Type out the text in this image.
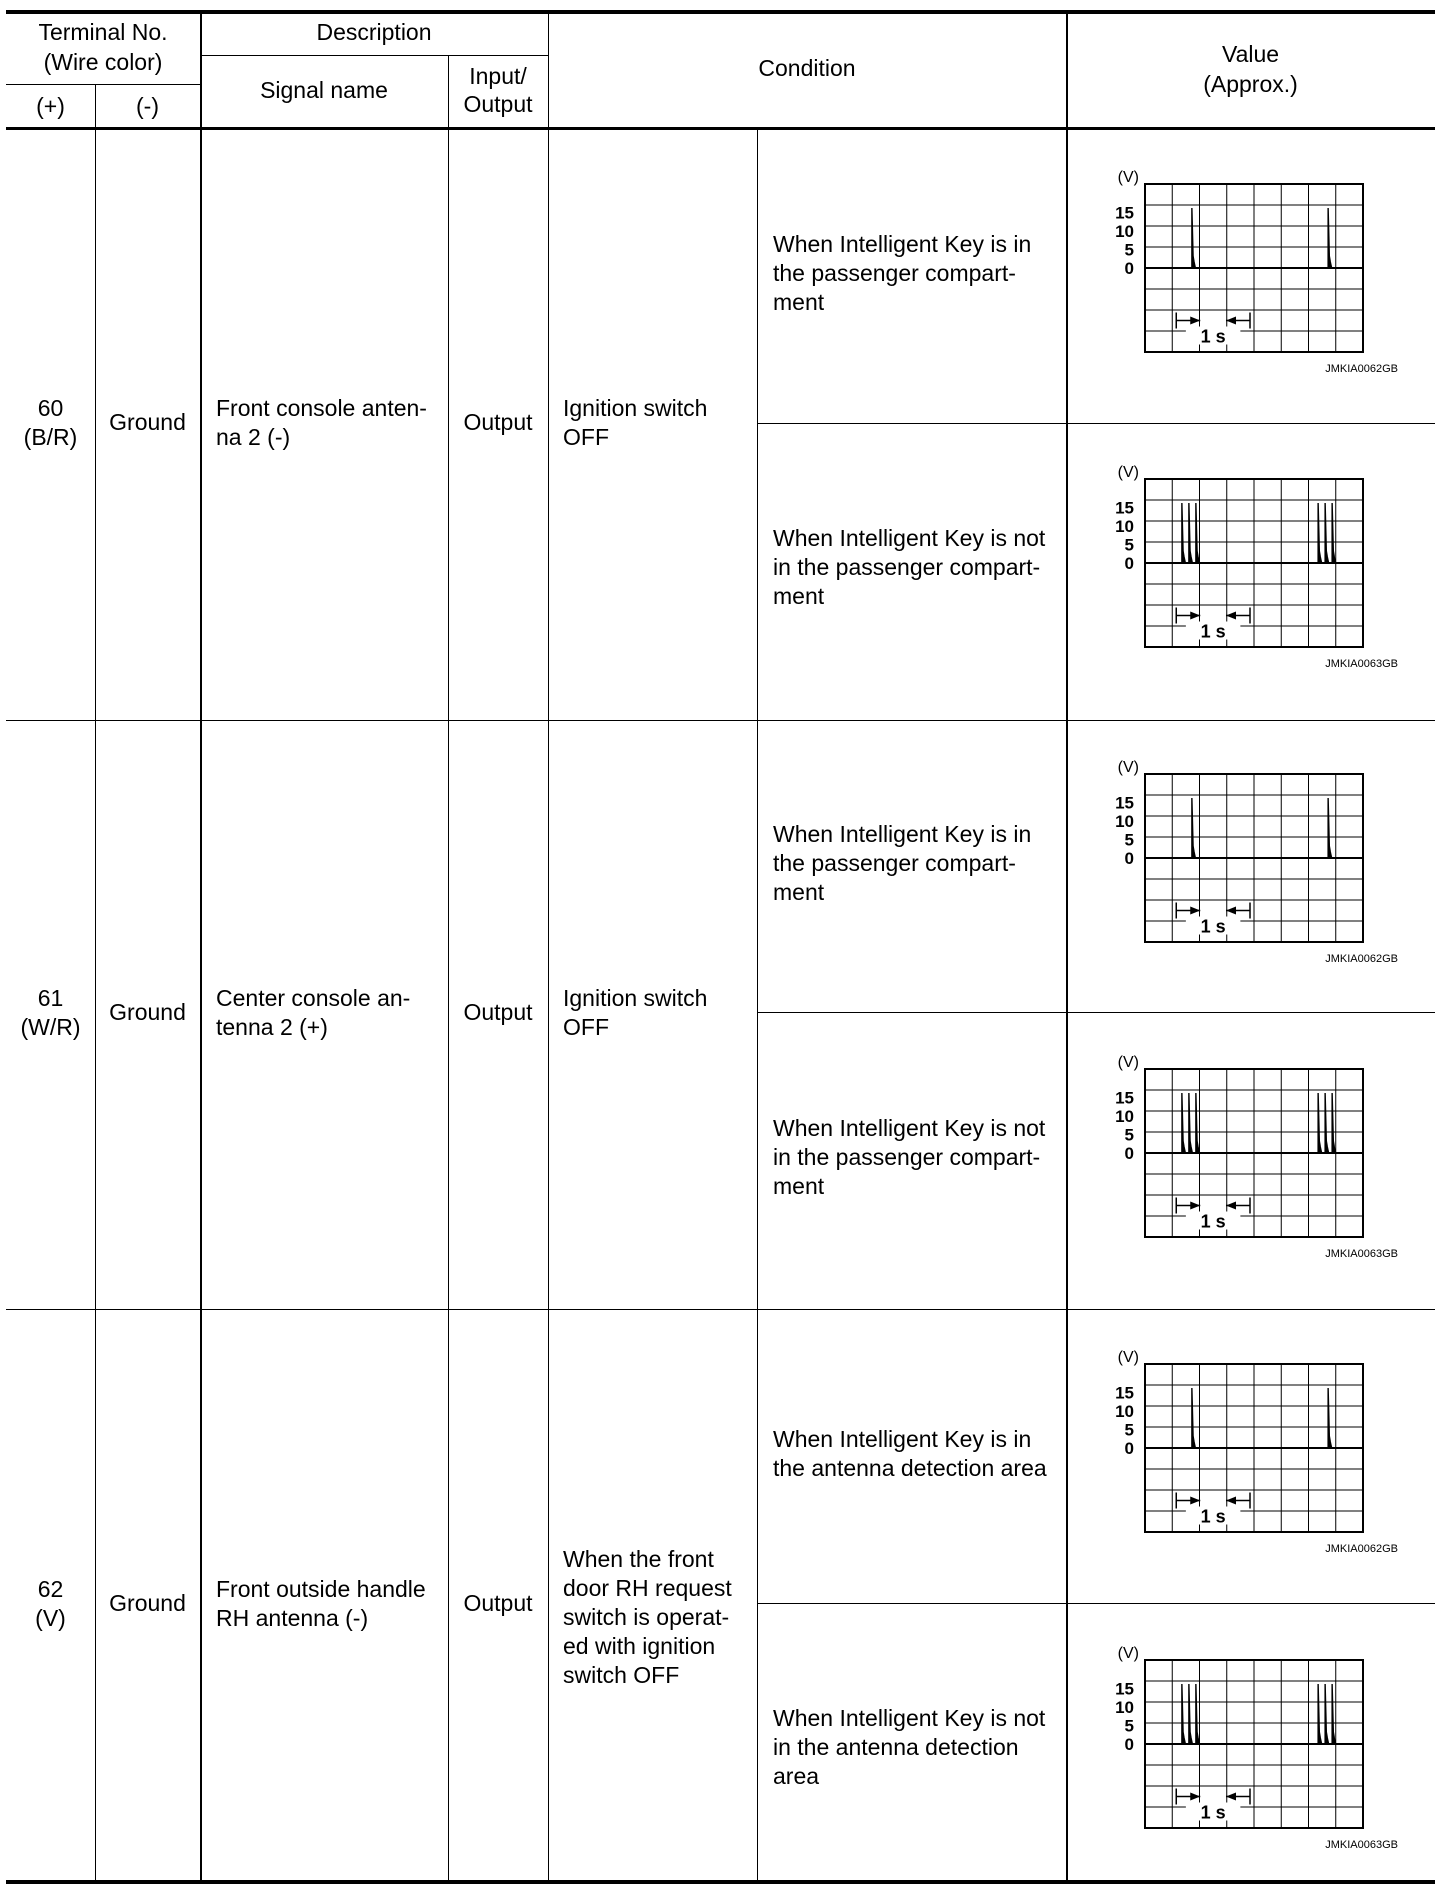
Terminal No.
(Wire color)
(+)	(-)
Description
Signal name
Input/
Output
Condition
Value
(Approx.)
60
(B/R)
Ground
Front console anten-
na 2 (-)
Output
Ignition switch
OFF
When Intelligent Key is in
the passenger compart-
ment
When Intelligent Key is not
in the passenger compart-
ment
(V)
15
10
5
0
1 s
JMKIA0062GB
(V)
15
10
5
0
1 s
JMKIA0063GB
61
(W/R)
Ground
Center console an-
tenna 2 (+)
Output
Ignition switch
OFF
When Intelligent Key is in
the passenger compart-
ment
When Intelligent Key is not
in the passenger compart-
ment
(V)
15
10
5
0
1 s
JMKIA0062GB
(V)
15
10
5
0
1 s
JMKIA0063GB
62
(V)
Ground
Front outside handle
RH antenna (-)
Output
When the front
door RH request
switch is operat-
ed with ignition
switch OFF
When Intelligent Key is in
the antenna detection area
When Intelligent Key is not
in the antenna detection
area
(V)
15
10
5
0
1 s
JMKIA0062GB
(V)
15
10
5
0
1 s
JMKIA0063GB
